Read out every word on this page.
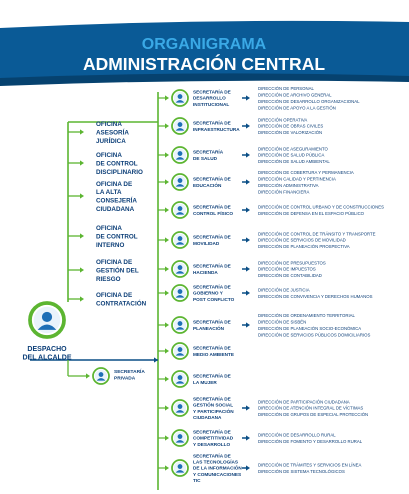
ORGANIGRAMA
ADMINISTRACIÓN CENTRAL
DESPACHO
DEL ALCALDE
OFICINA
ASESORÍA
JURÍDICA
OFICINA
DE CONTROL
DISCIPLINARIO
OFICINA DE
LA ALTA
CONSEJERÍA
CIUDADANA
OFICINA
DE CONTROL
INTERNO
OFICINA DE
GESTIÓN DEL
RIESGO
OFICINA DE
CONTRATACIÓN
SECRETARÍA
PRIVADA
SECRETARÍA DE
DESARROLLO
INSTITUCIONAL
DIRECCIÓN DE PERSONAL
DIRECCIÓN DE ARCHIVO GENERAL
DIRECCIÓN DE DESARROLLO ORGANIZACIONAL
DIRECCIÓN DE APOYO A LA GESTIÓN
SECRETARÍA DE
INFRAESTRUCTURA
DIRECCIÓN OPERATIVA
DIRECCIÓN DE OBRAS CIVILES
DIRECCIÓN DE VALORIZACIÓN
SECRETARÍA
DE SALUD
DIRECCIÓN DE ASEGURAMIENTO
DIRECCIÓN DE SALUD PÚBLICA
DIRECCIÓN DE SALUD AMBIENTAL
SECRETARÍA DE
EDUCACIÓN
DIRECCIÓN DE COBERTURA Y PERMANENCIA
DIRECCIÓN CALIDAD Y PERTINENCIA
DIRECCIÓN ADMINISTRATIVA
DIRECCIÓN FINANCIERA
SECRETARÍA DE
CONTROL FÍSICO
DIRECCIÓN DE CONTROL URBANO Y DE CONSTRUCCIONES
DIRECCIÓN DE DEFENSA EN EL ESPACIO PÚBLICO
SECRETARÍA DE
MOVILIDAD
DIRECCIÓN DE CONTROL DE TRÁNSITO Y TRANSPORTE
DIRECCIÓN DE SERVICIOS DE MOVILIDAD
DIRECCIÓN DE PLANEACIÓN PROSPECTIVA
SECRETARÍA DE
HACIENDA
DIRECCIÓN DE PRESUPUESTOS
DIRECCIÓN DE IMPUESTOS
DIRECCIÓN DE CONTABILIDAD
SECRETARÍA DE
GOBIERNO Y
POST CONFLICTO
DIRECCIÓN DE JUSTICIA
DIRECCIÓN DE CONVIVENCIA Y DERECHOS HUMANOS
SECRETARÍA DE
PLANEACIÓN
DIRECCIÓN DE ORDENAMIENTO TERRITORIAL
DIRECCIÓN DE SISBÉN
DIRECCIÓN DE PLANEACIÓN SOCIO-ECONÓMICA
DIRECCIÓN DE SERVICIOS PÚBLICOS DOMICILIARIOS
SECRETARÍA DE
MEDIO AMBIENTE
SECRETARÍA DE
LA MUJER
SECRETARÍA DE
GESTIÓN SOCIAL
Y PARTICIPACIÓN
CIUDADANA
DIRECCIÓN DE PARTICIPACIÓN CIUDADANA
DIRECCIÓN DE ATENCIÓN INTEGRAL DE VÍCTIMAS
DIRECCIÓN DE GRUPOS DE ESPECIAL PROTECCIÓN
SECRETARÍA DE
COMPETITIVIDAD
Y DESARROLLO
DIRECCIÓN DE DESARROLLO RURAL
DIRECCIÓN DE FOMENTO Y DESARROLLO RURAL
SECRETARÍA DE
LAS TECNOLOGÍAS
DE LA INFORMACIÓN
Y COMUNICACIONES
TIC
DIRECCIÓN DE TRÁMITES Y SERVICIOS EN LÍNEA
DIRECCIÓN DE SISTEMA TECNOLÓGICOS
